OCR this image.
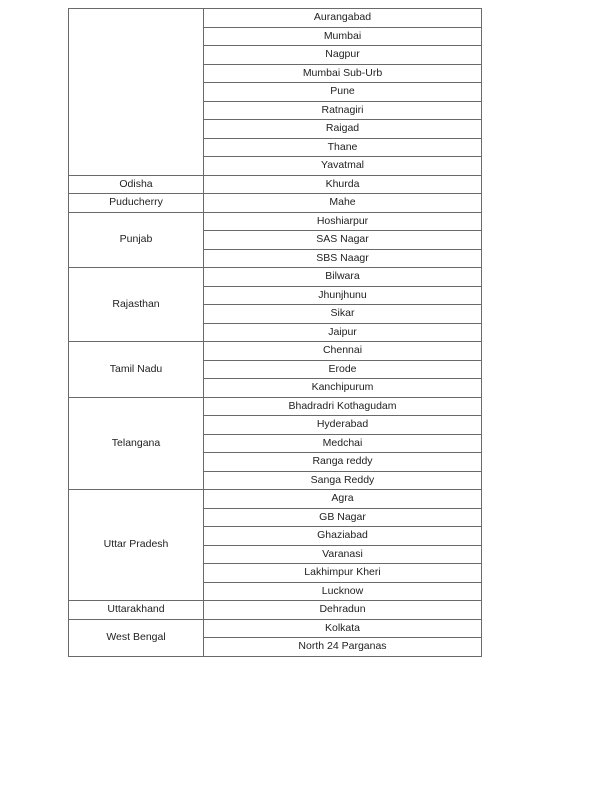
	Aurangabad
	Mumbai
	Nagpur
	Mumbai Sub-Urb
	Pune
	Ratnagiri
	Raigad
	Thane
	Yavatmal
Odisha	Khurda
Puducherry	Mahe
Punjab	Hoshiarpur
	SAS Nagar
	SBS Naagr
Rajasthan	Bilwara
	Jhunjhunu
	Sikar
	Jaipur
Tamil Nadu	Chennai
	Erode
	Kanchipurum
Telangana	Bhadradri Kothagudam
	Hyderabad
	Medchai
	Ranga reddy
	Sanga Reddy
Uttar Pradesh	Agra
	GB Nagar
	Ghaziabad
	Varanasi
	Lakhimpur Kheri
	Lucknow
Uttarakhand	Dehradun
West Bengal	Kolkata
	North 24 Parganas
